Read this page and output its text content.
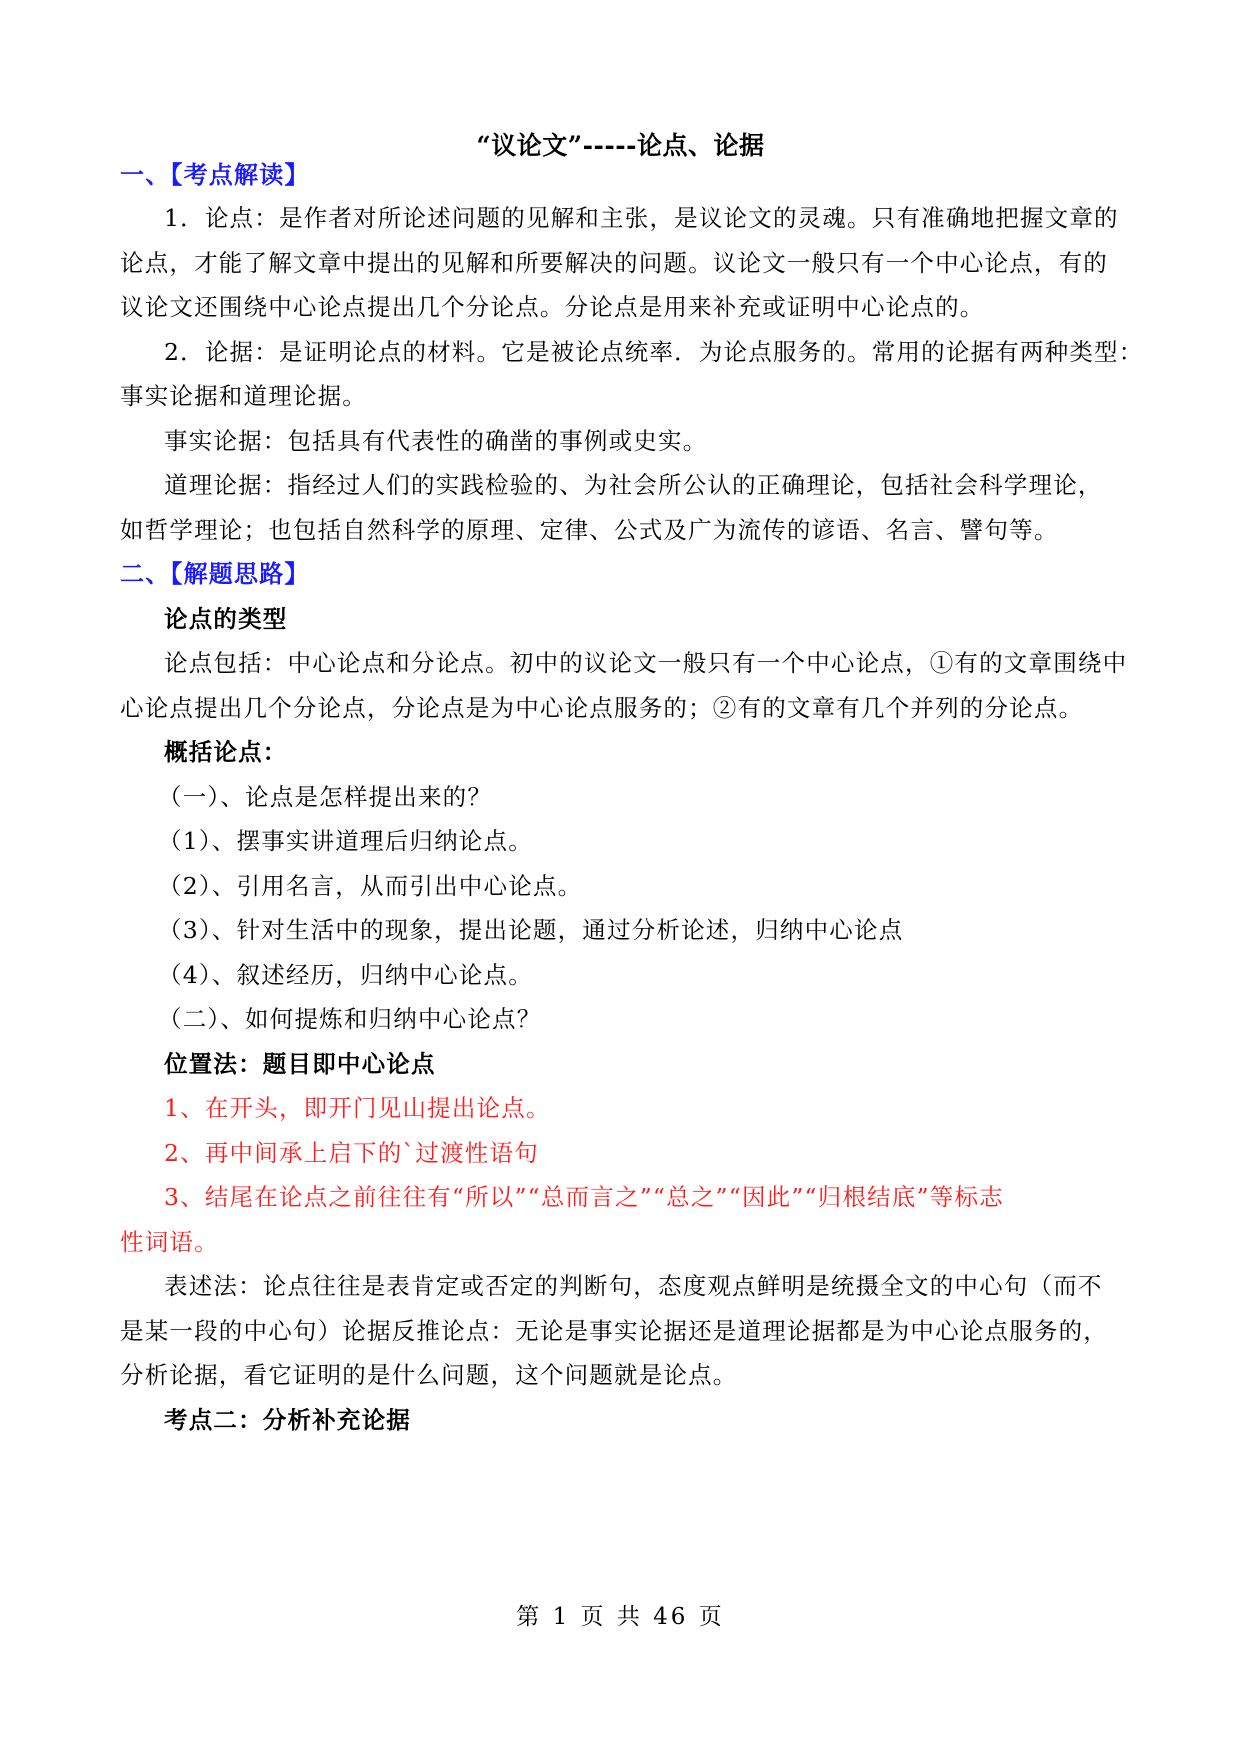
“议论文”-----论点、论据
一、【考点解读】
1．论点：是作者对所论述问题的见解和主张，是议论文的灵魂。只有准确地把握文章的
论点，才能了解文章中提出的见解和所要解决的问题。议论文一般只有一个中心论点，有的
议论文还围绕中心论点提出几个分论点。分论点是用来补充或证明中心论点的。
2．论据：是证明论点的材料。它是被论点统率．为论点服务的。常用的论据有两种类型：
事实论据和道理论据。
事实论据：包括具有代表性的确凿的事例或史实。
道理论据：指经过人们的实践检验的、为社会所公认的正确理论，包括社会科学理论，
如哲学理论；也包括自然科学的原理、定律、公式及广为流传的谚语、名言、譬句等。
二、【解题思路】
论点的类型
论点包括：中心论点和分论点。初中的议论文一般只有一个中心论点，①有的文章围绕中
心论点提出几个分论点，分论点是为中心论点服务的；②有的文章有几个并列的分论点。
概括论点：
（一）、论点是怎样提出来的？
（1）、摆事实讲道理后归纳论点。
（2）、引用名言，从而引出中心论点。
（3）、针对生活中的现象，提出论题，通过分析论述，归纳中心论点
（4）、叙述经历，归纳中心论点。
（二）、如何提炼和归纳中心论点？
位置法：题目即中心论点
1、在开头，即开门见山提出论点。
2、再中间承上启下的`过渡性语句
3、结尾在论点之前往往有“所以”“总而言之”“总之”“因此”“归根结底”等标志
性词语。
表述法：论点往往是表肯定或否定的判断句，态度观点鲜明是统摄全文的中心句（而不
是某一段的中心句）论据反推论点：无论是事实论据还是道理论据都是为中心论点服务的，
分析论据，看它证明的是什么问题，这个问题就是论点。
考点二：分析补充论据
第 1 页 共 46 页
